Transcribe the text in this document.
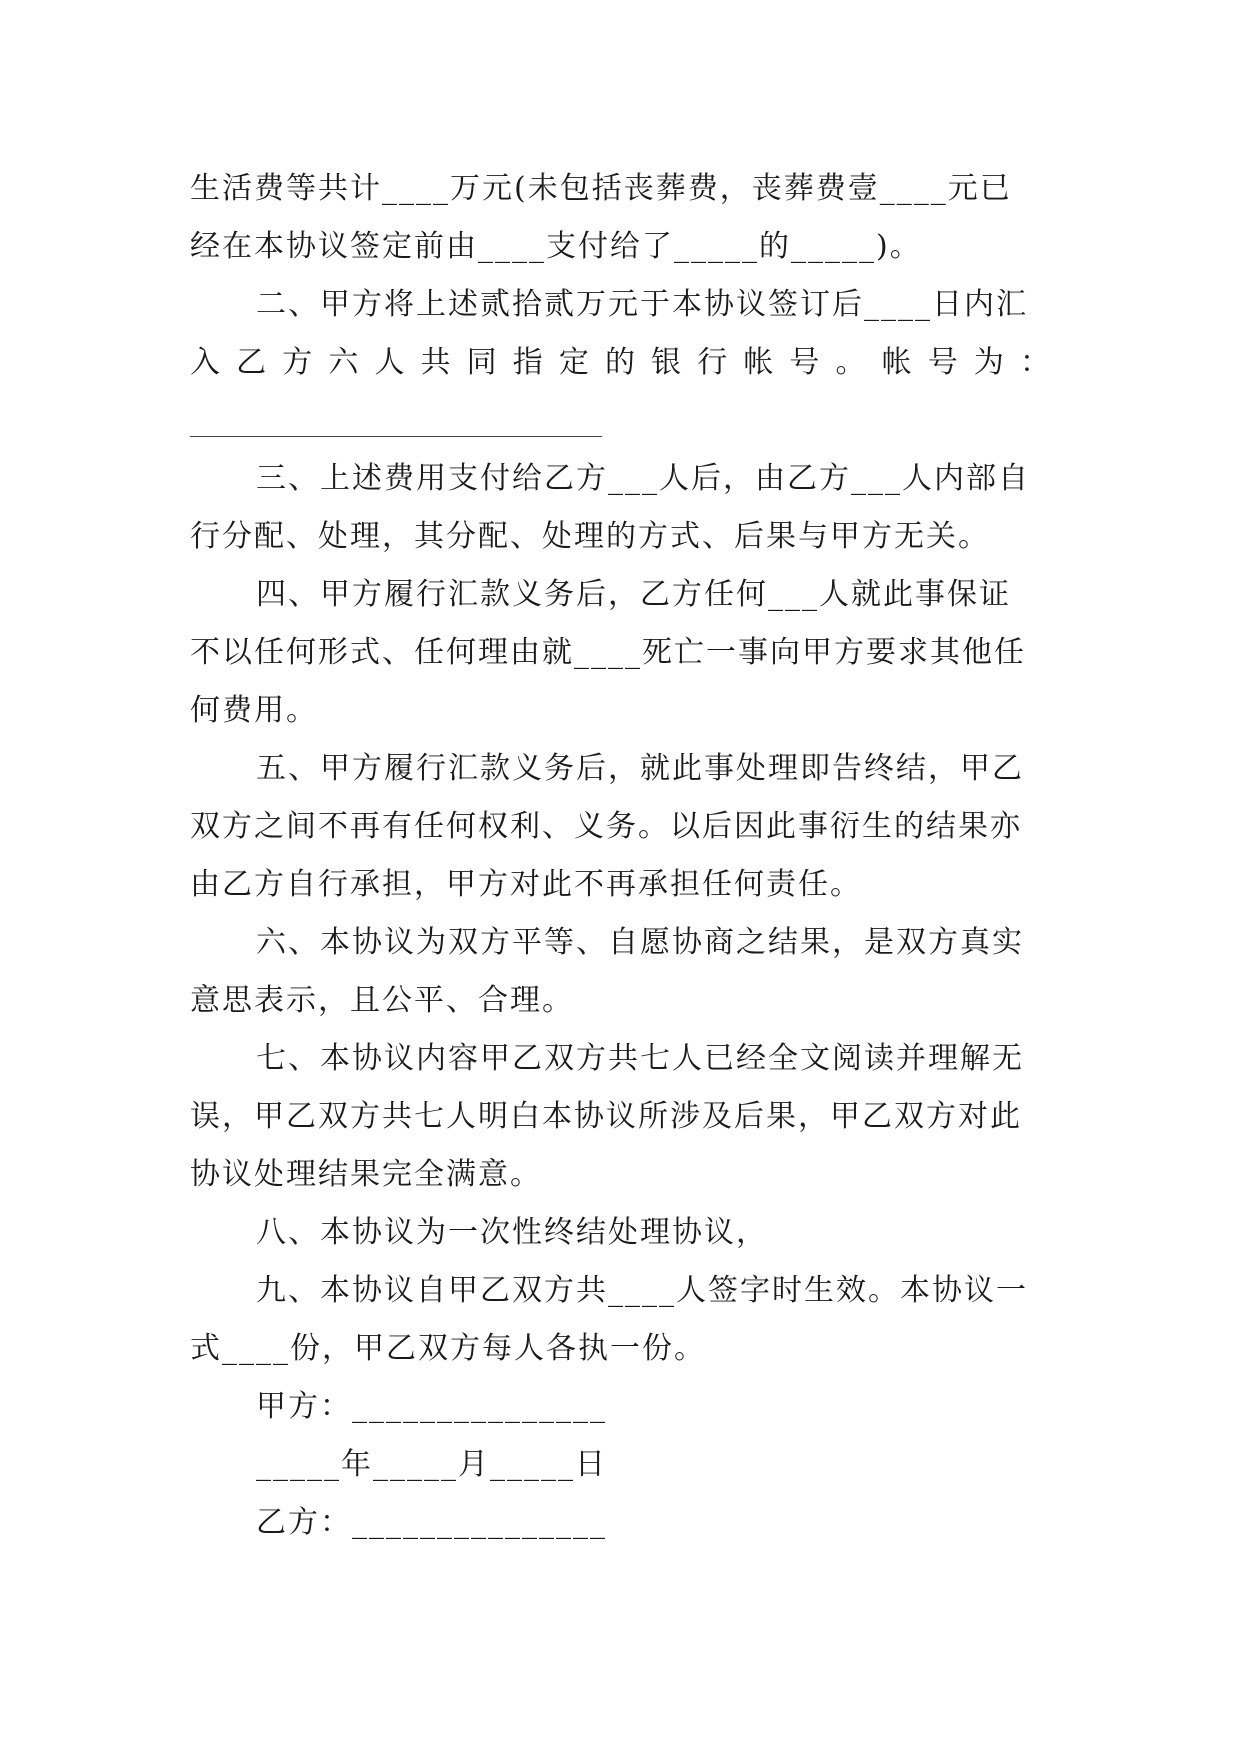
生活费等共计____万元(未包括丧葬费，丧葬费壹____元已
经在本协议签定前由____支付给了_____的_____)。
二、甲方将上述贰拾贰万元于本协议签订后____日内汇
入 乙 方 六 人 共 同 指 定 的 银 行 帐 号 。 帐 号 为 ：
三、上述费用支付给乙方___人后，由乙方___人内部自
行分配、处理，其分配、处理的方式、后果与甲方无关。
四、甲方履行汇款义务后，乙方任何___人就此事保证
不以任何形式、任何理由就____死亡一事向甲方要求其他任
何费用。
五、甲方履行汇款义务后，就此事处理即告终结，甲乙
双方之间不再有任何权利、义务。以后因此事衍生的结果亦
由乙方自行承担，甲方对此不再承担任何责任。
六、本协议为双方平等、自愿协商之结果，是双方真实
意思表示，且公平、合理。
七、本协议内容甲乙双方共七人已经全文阅读并理解无
误，甲乙双方共七人明白本协议所涉及后果，甲乙双方对此
协议处理结果完全满意。
八、本协议为一次性终结处理协议，
九、本协议自甲乙双方共____人签字时生效。本协议一
式____份，甲乙双方每人各执一份。
甲方：_______________
_____年_____月_____日
乙方：_______________
